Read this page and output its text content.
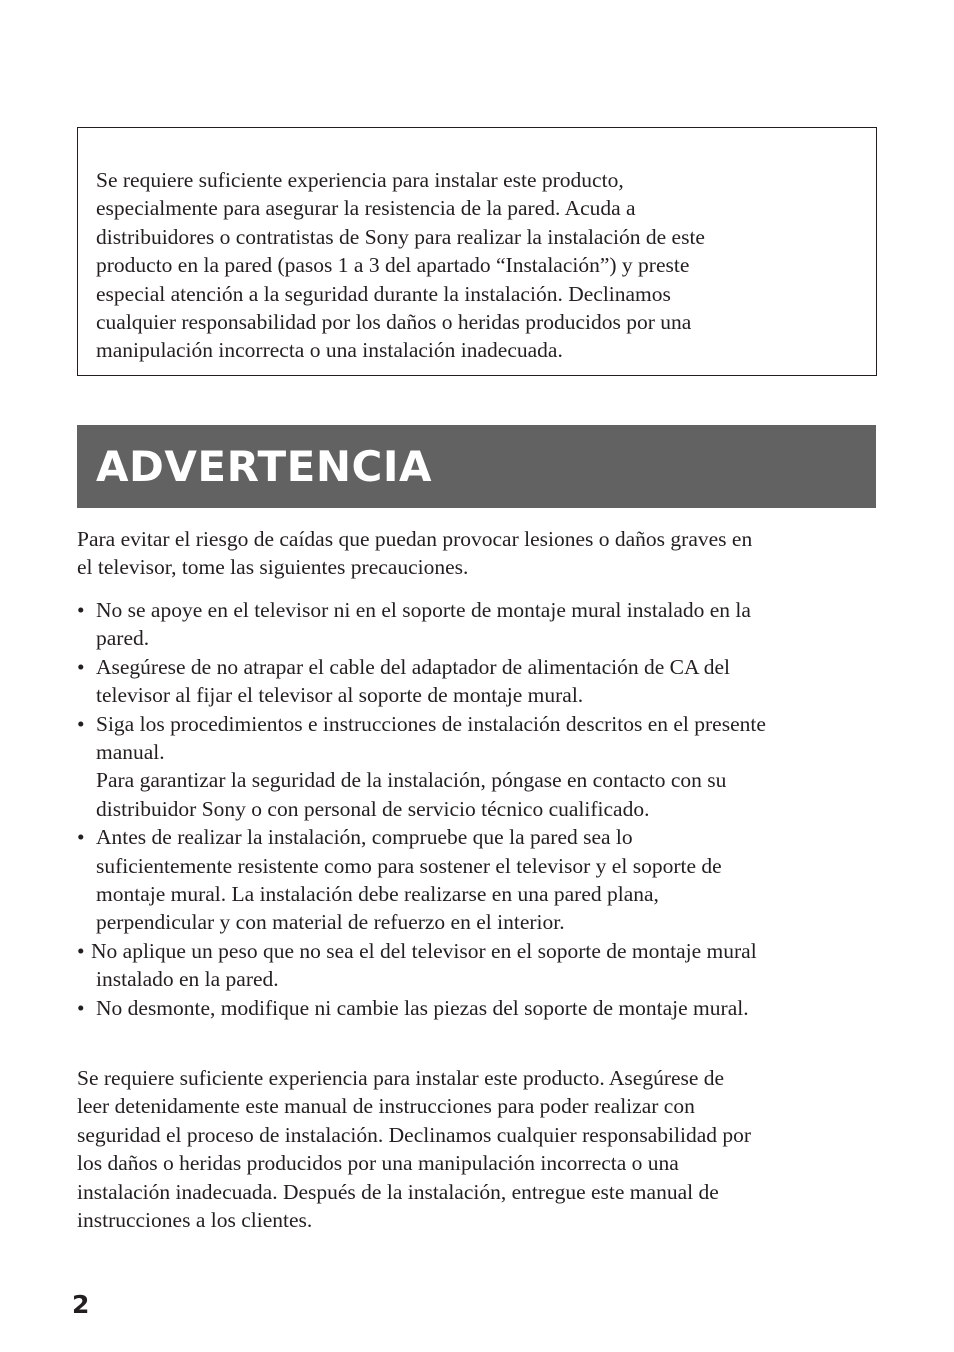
Se requiere suficiente experiencia para instalar este producto,
especialmente para asegurar la resistencia de la pared. Acuda a
distribuidores o contratistas de Sony para realizar la instalación de este
producto en la pared (pasos 1 a 3 del apartado “Instalación”) y preste
especial atención a la seguridad durante la instalación. Declinamos
cualquier responsabilidad por los daños o heridas producidos por una
manipulación incorrecta o una instalación inadecuada.

ADVERTENCIA

Para evitar el riesgo de caídas que puedan provocar lesiones o daños graves en
el televisor, tome las siguientes precauciones.

• No se apoye en el televisor ni en el soporte de montaje mural instalado en la
pared.
• Asegúrese de no atrapar el cable del adaptador de alimentación de CA del
televisor al fijar el televisor al soporte de montaje mural.
• Siga los procedimientos e instrucciones de instalación descritos en el presente
manual.
Para garantizar la seguridad de la instalación, póngase en contacto con su
distribuidor Sony o con personal de servicio técnico cualificado.
• Antes de realizar la instalación, compruebe que la pared sea lo
suficientemente resistente como para sostener el televisor y el soporte de
montaje mural. La instalación debe realizarse en una pared plana,
perpendicular y con material de refuerzo en el interior.
• No aplique un peso que no sea el del televisor en el soporte de montaje mural
instalado en la pared.
• No desmonte, modifique ni cambie las piezas del soporte de montaje mural.

Se requiere suficiente experiencia para instalar este producto. Asegúrese de
leer detenidamente este manual de instrucciones para poder realizar con
seguridad el proceso de instalación. Declinamos cualquier responsabilidad por
los daños o heridas producidos por una manipulación incorrecta o una
instalación inadecuada. Después de la instalación, entregue este manual de
instrucciones a los clientes.

2
